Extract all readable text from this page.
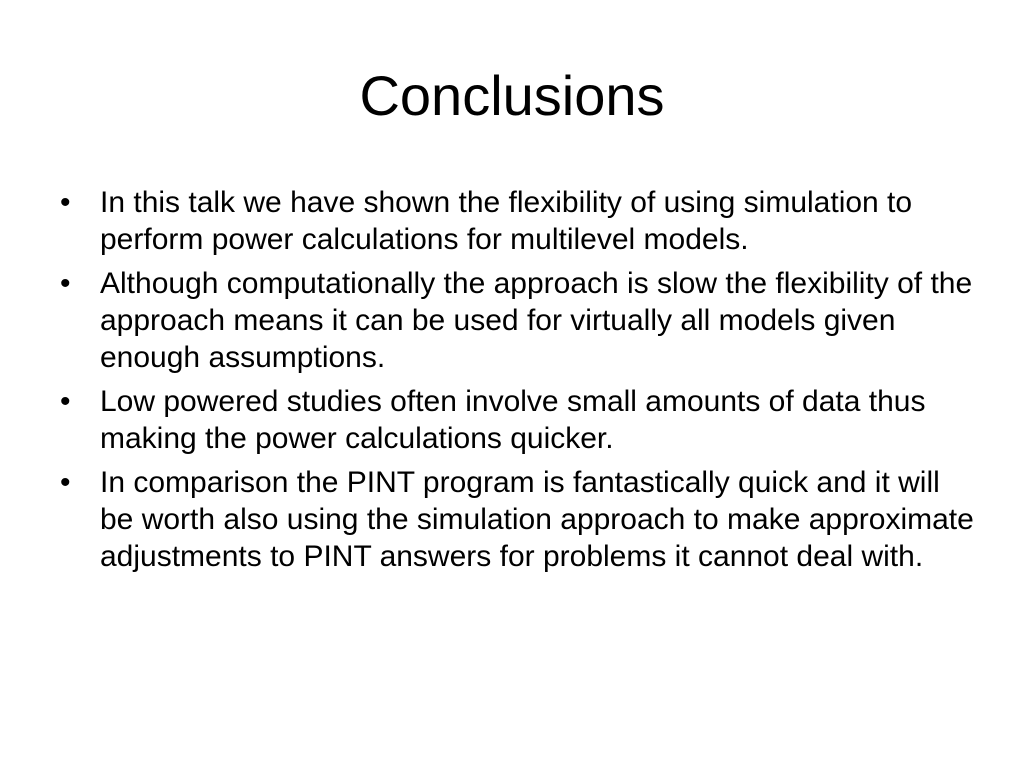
Conclusions
• In this talk we have shown the flexibility of using simulation to perform power calculations for multilevel models.
• Although computationally the approach is slow the flexibility of the approach means it can be used for virtually all models given enough assumptions.
• Low powered studies often involve small amounts of data thus making the power calculations quicker.
• In comparison the PINT program is fantastically quick and it will be worth also using the simulation approach to make approximate adjustments to PINT answers for problems it cannot deal with.
